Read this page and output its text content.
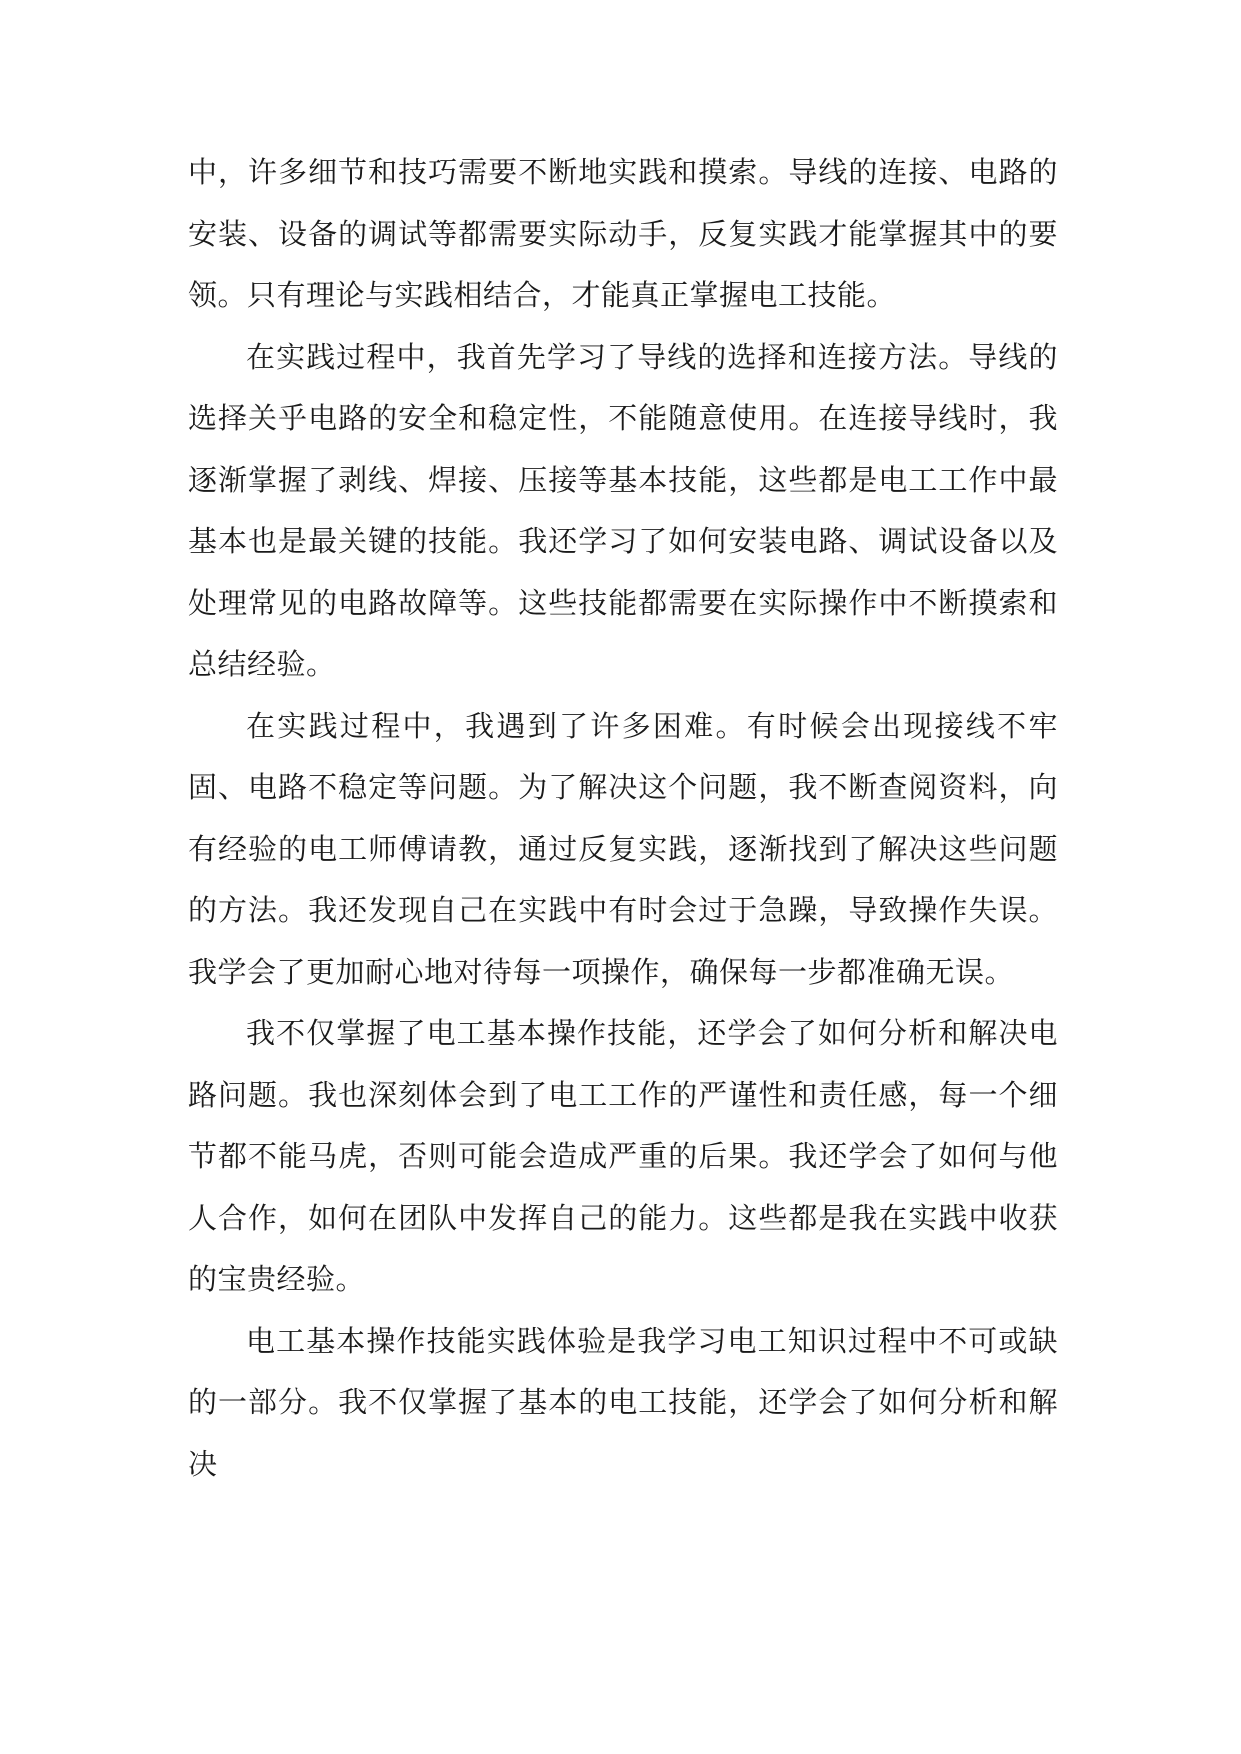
中，许多细节和技巧需要不断地实践和摸索。导线的连接、电路的安装、设备的调试等都需要实际动手，反复实践才能掌握其中的要领。只有理论与实践相结合，才能真正掌握电工技能。

在实践过程中，我首先学习了导线的选择和连接方法。导线的选择关乎电路的安全和稳定性，不能随意使用。在连接导线时，我逐渐掌握了剥线、焊接、压接等基本技能，这些都是电工工作中最基本也是最关键的技能。我还学习了如何安装电路、调试设备以及处理常见的电路故障等。这些技能都需要在实际操作中不断摸索和总结经验。

在实践过程中，我遇到了许多困难。有时候会出现接线不牢固、电路不稳定等问题。为了解决这个问题，我不断查阅资料，向有经验的电工师傅请教，通过反复实践，逐渐找到了解决这些问题的方法。我还发现自己在实践中有时会过于急躁，导致操作失误。我学会了更加耐心地对待每一项操作，确保每一步都准确无误。

我不仅掌握了电工基本操作技能，还学会了如何分析和解决电路问题。我也深刻体会到了电工工作的严谨性和责任感，每一个细节都不能马虎，否则可能会造成严重的后果。我还学会了如何与他人合作，如何在团队中发挥自己的能力。这些都是我在实践中收获的宝贵经验。

电工基本操作技能实践体验是我学习电工知识过程中不可或缺的一部分。我不仅掌握了基本的电工技能，还学会了如何分析和解决
